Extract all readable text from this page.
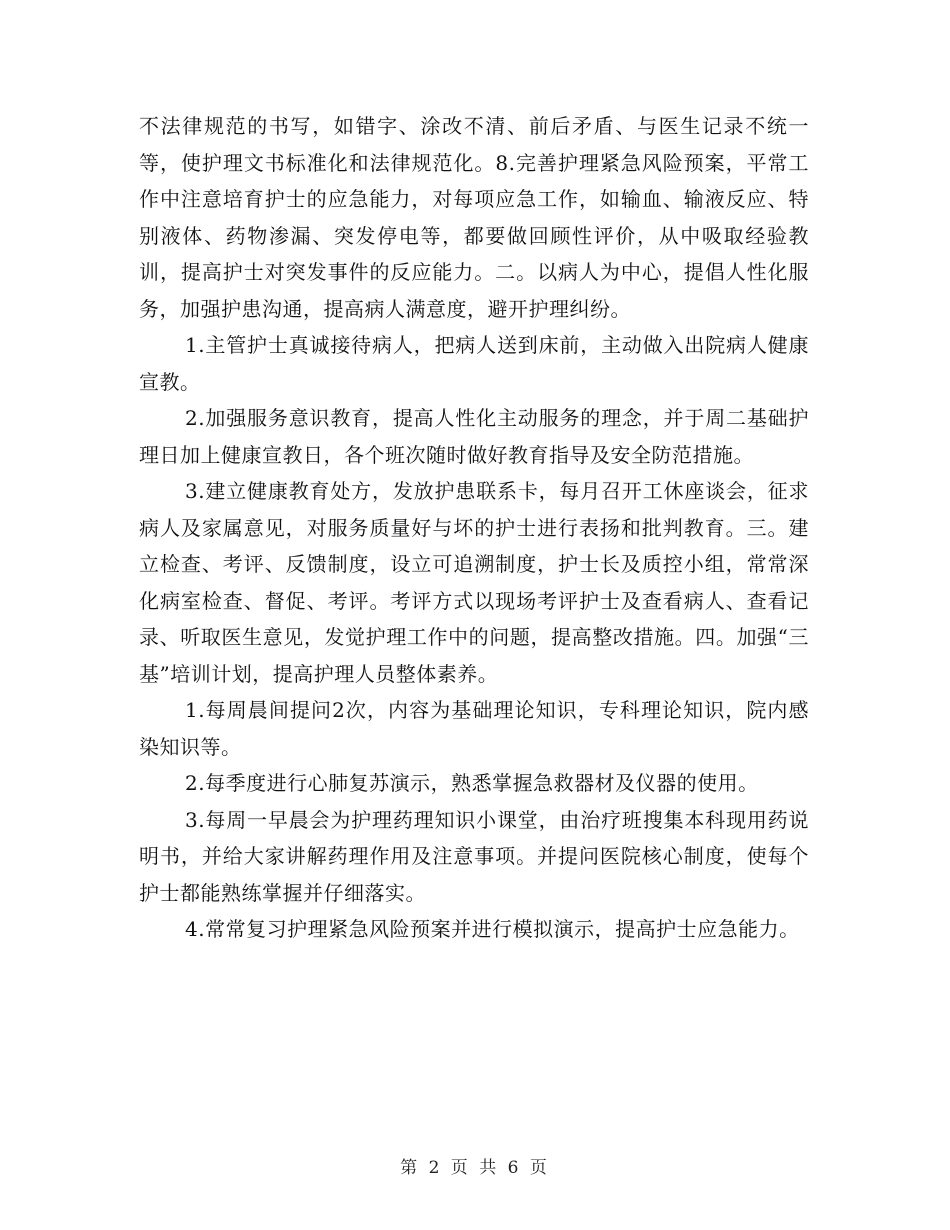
不法律规范的书写，如错字、涂改不清、前后矛盾、与医生记录不统一等，使护理文书标准化和法律规范化。8.完善护理紧急风险预案，平常工作中注意培育护士的应急能力，对每项应急工作，如输血、输液反应、特别液体、药物渗漏、突发停电等，都要做回顾性评价，从中吸取经验教训，提高护士对突发事件的反应能力。二。以病人为中心，提倡人性化服务，加强护患沟通，提高病人满意度，避开护理纠纷。

1.主管护士真诚接待病人，把病人送到床前，主动做入出院病人健康宣教。

2.加强服务意识教育，提高人性化主动服务的理念，并于周二基础护理日加上健康宣教日，各个班次随时做好教育指导及安全防范措施。

3.建立健康教育处方，发放护患联系卡，每月召开工休座谈会，征求病人及家属意见，对服务质量好与坏的护士进行表扬和批判教育。三。建立检查、考评、反馈制度，设立可追溯制度，护士长及质控小组，常常深化病室检查、督促、考评。考评方式以现场考评护士及查看病人、查看记录、听取医生意见，发觉护理工作中的问题，提高整改措施。四。加强“三基”培训计划，提高护理人员整体素养。

1.每周晨间提问2次，内容为基础理论知识，专科理论知识，院内感染知识等。

2.每季度进行心肺复苏演示，熟悉掌握急救器材及仪器的使用。

3.每周一早晨会为护理药理知识小课堂，由治疗班搜集本科现用药说明书，并给大家讲解药理作用及注意事项。并提问医院核心制度，使每个护士都能熟练掌握并仔细落实。

4.常常复习护理紧急风险预案并进行模拟演示，提高护士应急能力。

第 2 页 共 6 页
